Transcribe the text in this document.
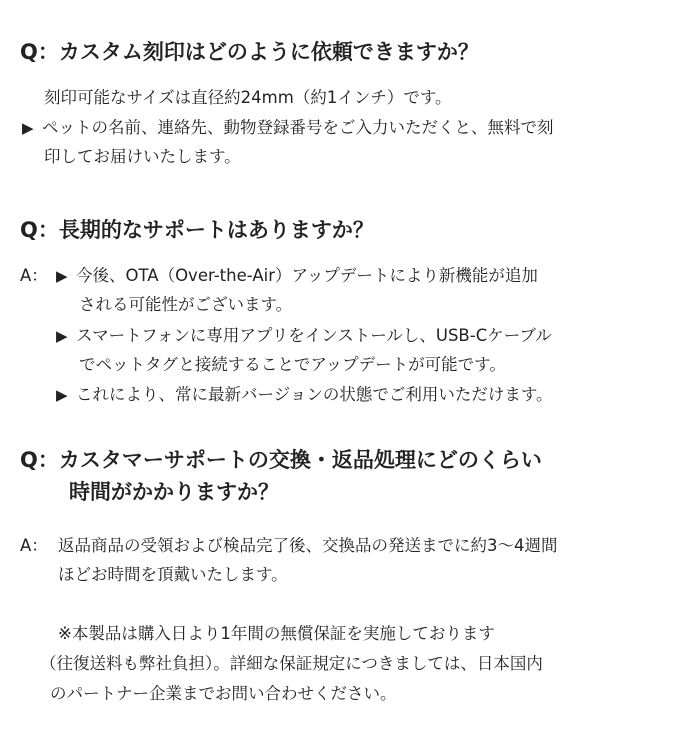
Q：カスタム刻印はどのように依頼できますか？

刻印可能なサイズは直径約24mm（約1インチ）です。

▶ ペットの名前、連絡先、動物登録番号をご入力いただくと、無料で刻

印してお届けいたします。

Q：長期的なサポートはありますか？

A： ▶ 今後、OTA（Over-the-Air）アップデートにより新機能が追加

される可能性がございます。

▶ スマートフォンに専用アプリをインストールし、USB-Cケーブル

でペットタグと接続することでアップデートが可能です。

▶ これにより、常に最新バージョンの状態でご利用いただけます。

Q：カスタマーサポートの交換・返品処理にどのくらい
時間がかかりますか？

A： 返品商品の受領および検品完了後、交換品の発送までに約3〜4週間

ほどお時間を頂戴いたします。

※本製品は購入日より1年間の無償保証を実施しております

（往復送料も弊社負担）。詳細な保証規定につきましては、日本国内

のパートナー企業までお問い合わせください。
